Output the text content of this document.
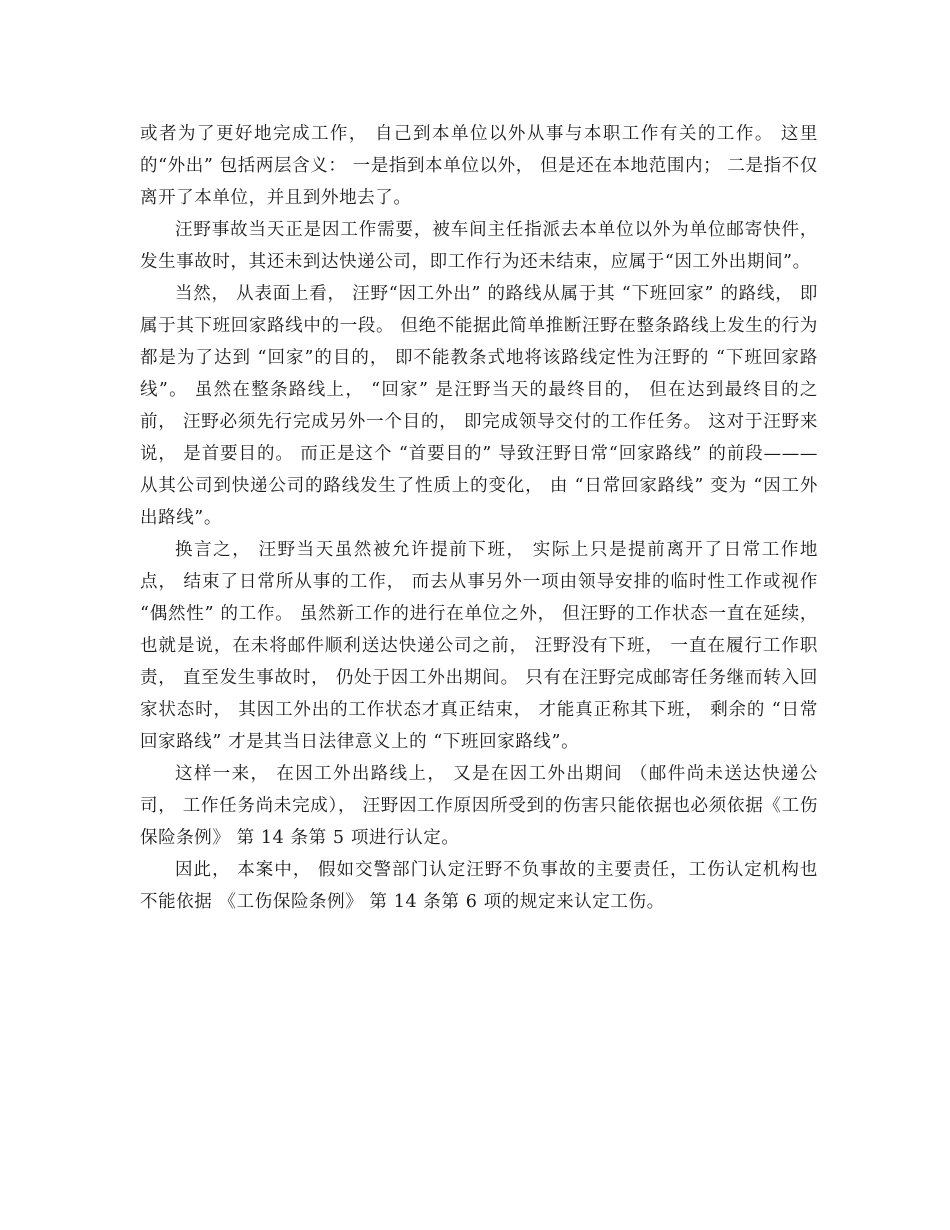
或者为了更好地完成工作， 自己到本单位以外从事与本职工作有关的工作。 这里的“外出” 包括两层含义： 一是指到本单位以外， 但是还在本地范围内； 二是指不仅离开了本单位，并且到外地去了。

汪野事故当天正是因工作需要，被车间主任指派去本单位以外为单位邮寄快件，发生事故时，其还未到达快递公司，即工作行为还未结束，应属于“因工外出期间”。

当然， 从表面上看， 汪野“因工外出” 的路线从属于其 “下班回家” 的路线， 即属于其下班回家路线中的一段。 但绝不能据此简单推断汪野在整条路线上发生的行为都是为了达到 “回家”的目的， 即不能教条式地将该路线定性为汪野的 “下班回家路线”。 虽然在整条路线上， “回家” 是汪野当天的最终目的， 但在达到最终目的之前， 汪野必须先行完成另外一个目的， 即完成领导交付的工作任务。 这对于汪野来说， 是首要目的。 而正是这个 “首要目的” 导致汪野日常“回家路线” 的前段———从其公司到快递公司的路线发生了性质上的变化， 由 “日常回家路线” 变为 “因工外出路线”。

换言之， 汪野当天虽然被允许提前下班， 实际上只是提前离开了日常工作地点， 结束了日常所从事的工作， 而去从事另外一项由领导安排的临时性工作或视作 “偶然性” 的工作。 虽然新工作的进行在单位之外， 但汪野的工作状态一直在延续， 也就是说，在未将邮件顺利送达快递公司之前， 汪野没有下班， 一直在履行工作职责， 直至发生事故时， 仍处于因工外出期间。 只有在汪野完成邮寄任务继而转入回家状态时， 其因工外出的工作状态才真正结束， 才能真正称其下班， 剩余的 “日常回家路线” 才是其当日法律意义上的 “下班回家路线”。

这样一来， 在因工外出路线上， 又是在因工外出期间 （邮件尚未送达快递公司， 工作任务尚未完成）， 汪野因工作原因所受到的伤害只能依据也必须依据《工伤保险条例》 第 14 条第 5 项进行认定。

因此， 本案中， 假如交警部门认定汪野不负事故的主要责任，工伤认定机构也不能依据 《工伤保险条例》 第 14 条第 6 项的规定来认定工伤。
